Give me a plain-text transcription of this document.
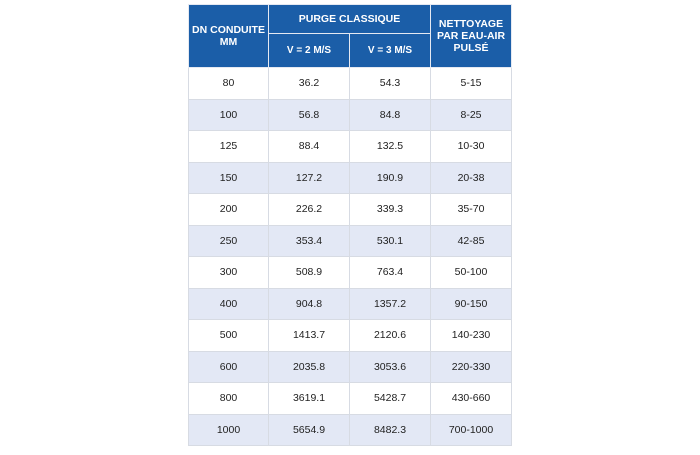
DN CONDUITE MM	PURGE CLASSIQUE		NETTOYAGE PAR EAU-AIR PULSÉ
	V = 2 M/S	V = 3 M/S	
80	36.2	54.3	5-15
100	56.8	84.8	8-25
125	88.4	132.5	10-30
150	127.2	190.9	20-38
200	226.2	339.3	35-70
250	353.4	530.1	42-85
300	508.9	763.4	50-100
400	904.8	1357.2	90-150
500	1413.7	2120.6	140-230
600	2035.8	3053.6	220-330
800	3619.1	5428.7	430-660
1000	5654.9	8482.3	700-1000
